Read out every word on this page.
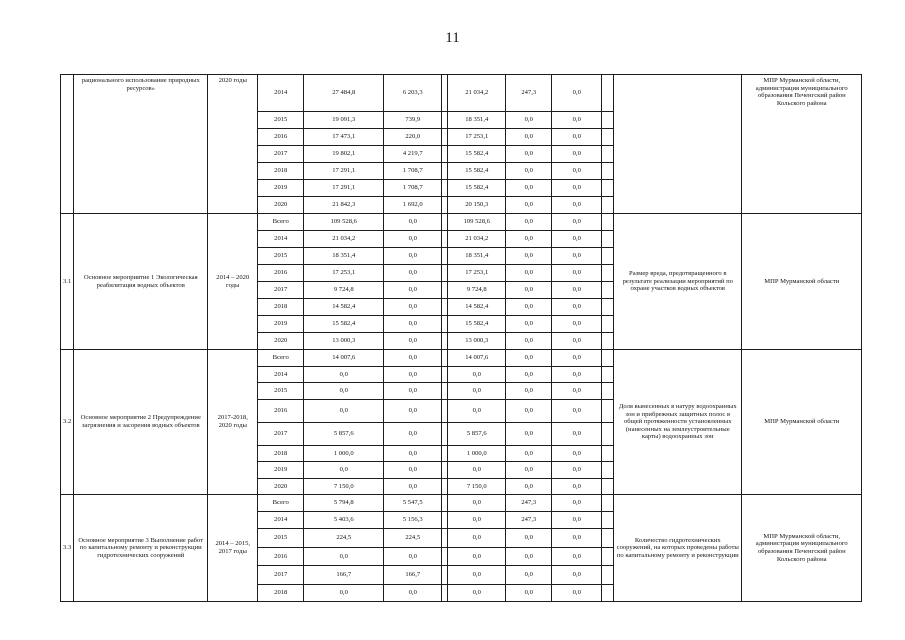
11
	рационального использование природных ресурсов»	2020 годы	2014	27 484,8	6 203,3		21 034,2	247,3	0,0			МПР Мурманской области, администрация муниципального образования Печенгский район Кольского района
			2015	19 091,3	739,9		18 351,4	0,0	0,0			
			2016	17 473,1	220,0		17 253,1	0,0	0,0			
			2017	19 802,1	4 219,7		15 582,4	0,0	0,0			
			2018	17 291,1	1 708,7		15 582,4	0,0	0,0			
			2019	17 291,1	1 708,7		15 582,4	0,0	0,0			
			2020	21 842,3	1 692,0		20 150,3	0,0	0,0			
3.1	Основное мероприятие 1 Экологическая реабилитация водных объектов	2014 – 2020 годы	Всего	109 528,6	0,0		109 528,6	0,0	0,0		Размер вреда, предотвращенного в результате реализации мероприятий по охране участков водных объектов	МПР Мурманской области
			2014	21 034,2	0,0		21 034,2	0,0	0,0			
			2015	18 351,4	0,0		18 351,4	0,0	0,0			
			2016	17 253,1	0,0		17 253,1	0,0	0,0			
			2017	9 724,8	0,0		9 724,8	0,0	0,0			
			2018	14 582,4	0,0		14 582,4	0,0	0,0			
			2019	15 582,4	0,0		15 582,4	0,0	0,0			
			2020	13 000,3	0,0		13 000,3	0,0	0,0			
3.2	Основное мероприятие 2 Предупреждение загрязнения и засорения водных объектов	2017-2018, 2020 годы	Всего	14 007,6	0,0		14 007,6	0,0	0,0		Доля вынесенных в натуру водоохранных зон и прибрежных защитных полос в общей протяженности установленных (нанесенных на землеустроительные карты) водоохранных зон	МПР Мурманской области
			2014	0,0	0,0		0,0	0,0	0,0			
			2015	0,0	0,0		0,0	0,0	0,0			
			2016	0,0	0,0		0,0	0,0	0,0			
			2017	5 857,6	0,0		5 857,6	0,0	0,0			
			2018	1 000,0	0,0		1 000,0	0,0	0,0			
			2019	0,0	0,0		0,0	0,0	0,0			
			2020	7 150,0	0,0		7 150,0	0,0	0,0			
3.3	Основное мероприятие 3 Выполнение работ по капитальному ремонту и реконструкции гидротехнических сооружений	2014 – 2015, 2017 годы	Всего	5 794,8	5 547,5		0,0	247,3	0,0		Количество гидротехнических сооружений, на которых проведены работы по капитальному ремонту и реконструкции	МПР Мурманской области, администрация муниципального образования Печенгский район Кольского района
			2014	5 403,6	5 156,3		0,0	247,3	0,0			
			2015	224,5	224,5		0,0	0,0	0,0			
			2016	0,0	0,0		0,0	0,0	0,0			
			2017	166,7	166,7		0,0	0,0	0,0			
			2018	0,0	0,0		0,0	0,0	0,0			
